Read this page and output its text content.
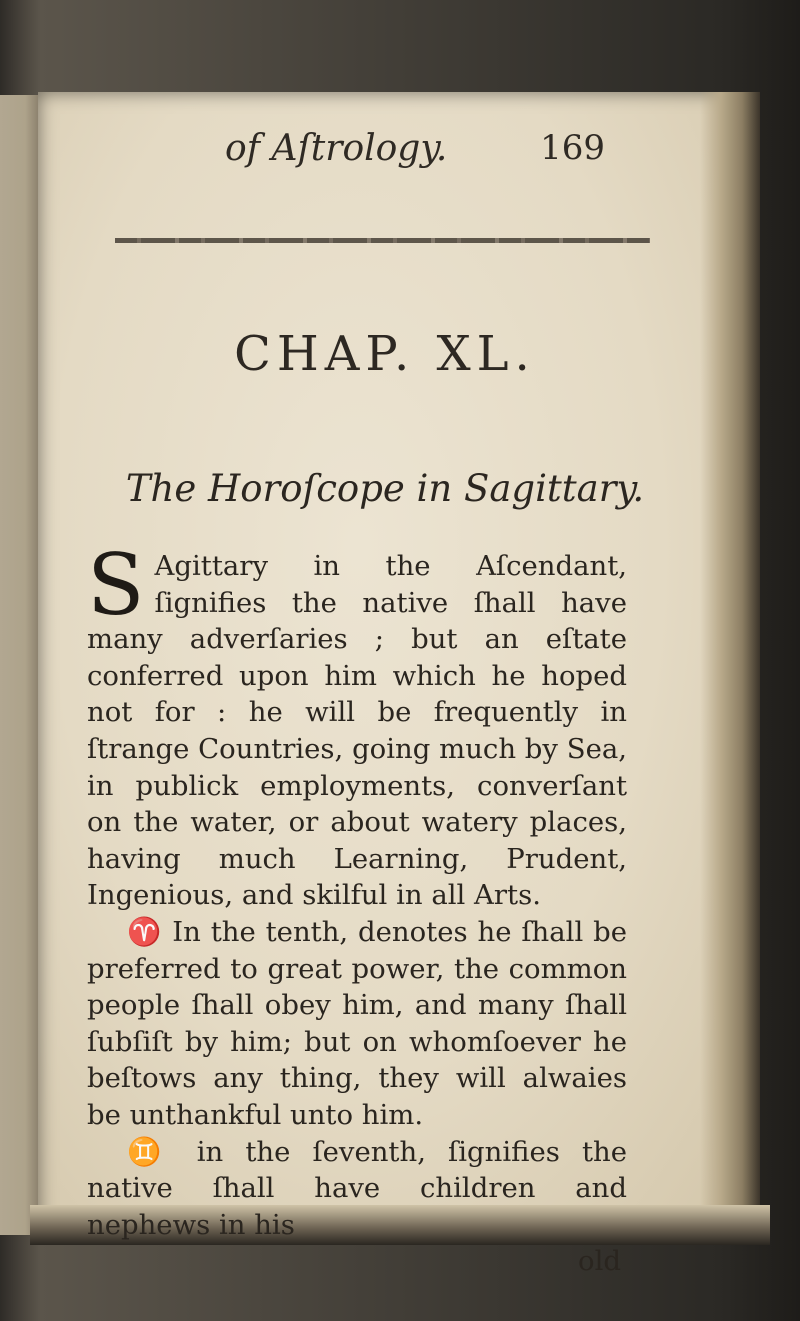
of Aſtrology.	169
CHAP. XL.
The Horoſcope in Sagittary.

S Agittary in the Aſcendant, ſignifies the native ſhall have many adverſaries ; but an eſtate conferred upon him which he hoped not for : he will be frequently in ſtrange Countries, going much by Sea, in publick employments, converſant on the water, or about watery places, having much Learning, Prudent, Ingenious, and skilful in all Arts.

♈ In the tenth, denotes he ſhall be preferred to great power, the common people ſhall obey him, and many ſhall ſubſiſt by him; but on whomſoever he beſtows any thing, they will alwaies be unthankful unto him.

♊ in the ſeventh, ſignifies the native ſhall have children and nephews in his

old
